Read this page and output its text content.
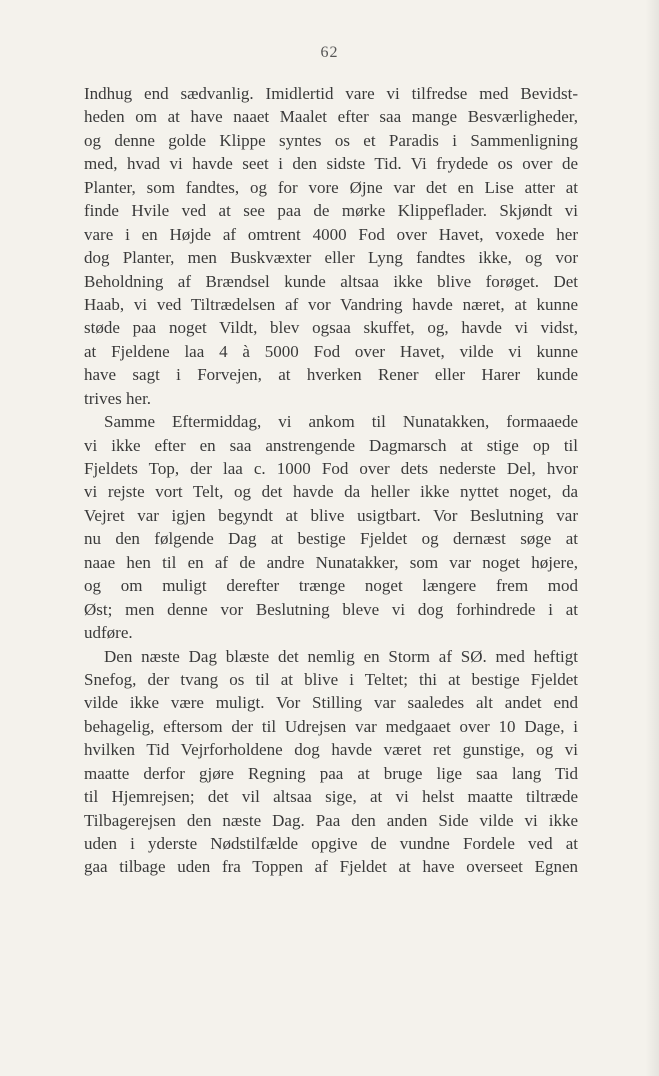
62
Indhug end sædvanlig. Imidlertid vare vi tilfredse med Bevidst-
heden om at have naaet Maalet efter saa mange Besværligheder,
og denne golde Klippe syntes os et Paradis i Sammenligning
med, hvad vi havde seet i den sidste Tid. Vi frydede os over de
Planter, som fandtes, og for vore Øjne var det en Lise atter at
finde Hvile ved at see paa de mørke Klippeflader. Skjøndt vi
vare i en Højde af omtrent 4000 Fod over Havet, voxede her
dog Planter, men Buskvæxter eller Lyng fandtes ikke, og vor
Beholdning af Brændsel kunde altsaa ikke blive forøget. Det
Haab, vi ved Tiltrædelsen af vor Vandring havde næret, at kunne
støde paa noget Vildt, blev ogsaa skuffet, og, havde vi vidst,
at Fjeldene laa 4 à 5000 Fod over Havet, vilde vi kunne
have sagt i Forvejen, at hverken Rener eller Harer kunde
trives her.
Samme Eftermiddag, vi ankom til Nunatakken, formaaede
vi ikke efter en saa anstrengende Dagmarsch at stige op til
Fjeldets Top, der laa c. 1000 Fod over dets nederste Del, hvor
vi rejste vort Telt, og det havde da heller ikke nyttet noget, da
Vejret var igjen begyndt at blive usigtbart. Vor Beslutning var
nu den følgende Dag at bestige Fjeldet og dernæst søge at
naae hen til en af de andre Nunatakker, som var noget højere,
og om muligt derefter trænge noget længere frem mod
Øst; men denne vor Beslutning bleve vi dog forhindrede i at
udføre.
Den næste Dag blæste det nemlig en Storm af SØ. med heftigt
Snefog, der tvang os til at blive i Teltet; thi at bestige Fjeldet
vilde ikke være muligt. Vor Stilling var saaledes alt andet end
behagelig, eftersom der til Udrejsen var medgaaet over 10 Dage, i
hvilken Tid Vejrforholdene dog havde været ret gunstige, og vi
maatte derfor gjøre Regning paa at bruge lige saa lang Tid
til Hjemrejsen; det vil altsaa sige, at vi helst maatte tiltræde
Tilbagerejsen den næste Dag. Paa den anden Side vilde vi ikke
uden i yderste Nødstilfælde opgive de vundne Fordele ved at
gaa tilbage uden fra Toppen af Fjeldet at have overseet Egnen
